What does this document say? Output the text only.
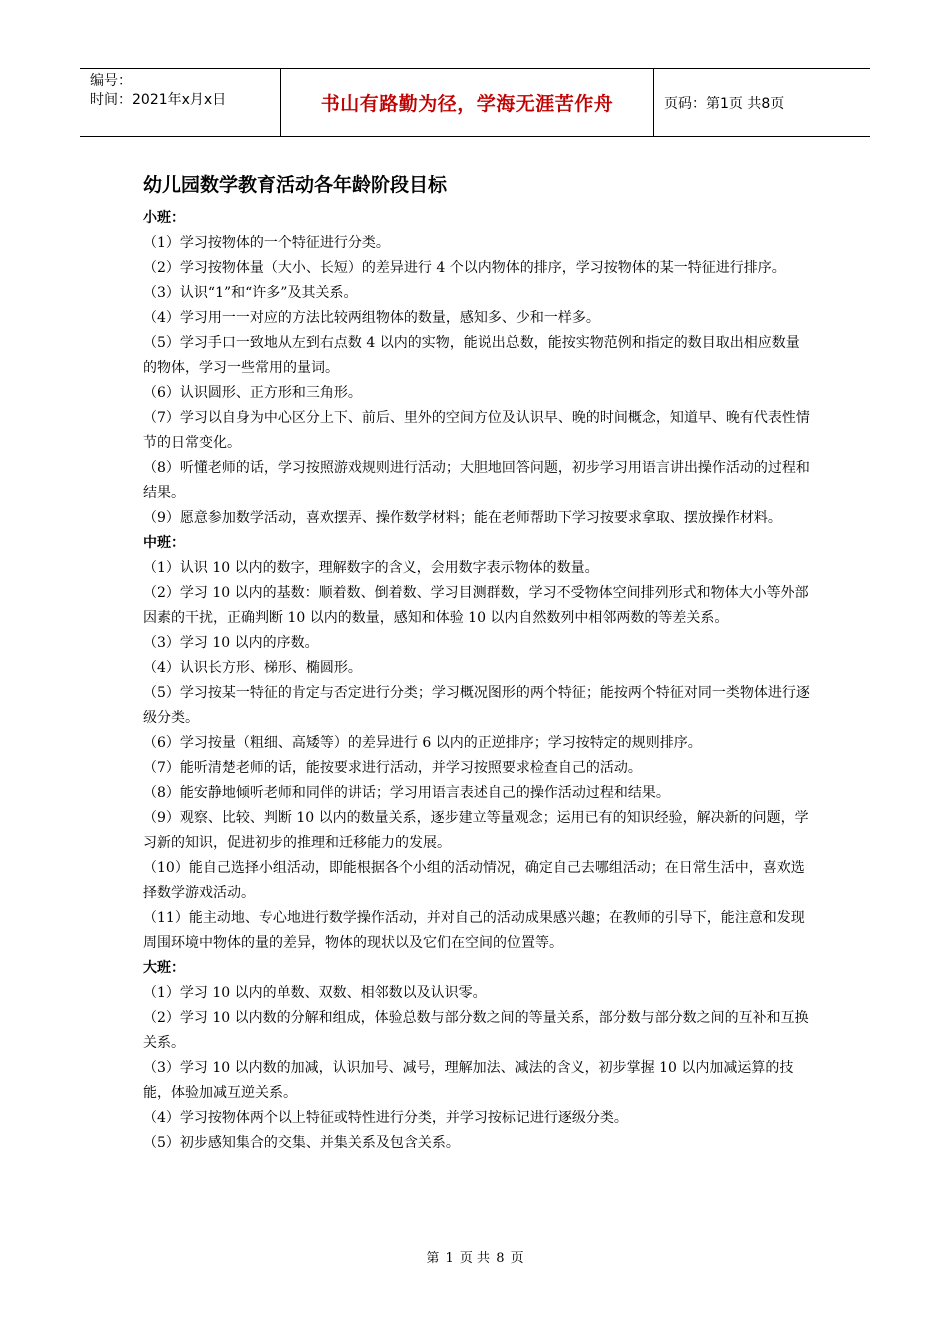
编号：
时间：2021年x月x日	书山有路勤为径，学海无涯苦作舟	页码：第1页 共8页
幼儿园数学教育活动各年龄阶段目标
小班：

（1）学习按物体的一个特征进行分类。

（2）学习按物体量（大小、长短）的差异进行 4 个以内物体的排序，学习按物体的某一特征进行排序。

（3）认识“1”和“许多”及其关系。

（4）学习用一一对应的方法比较两组物体的数量，感知多、少和一样多。

（5）学习手口一致地从左到右点数 4 以内的实物，能说出总数，能按实物范例和指定的数目取出相应数量的物体，学习一些常用的量词。

（6）认识圆形、正方形和三角形。

（7）学习以自身为中心区分上下、前后、里外的空间方位及认识早、晚的时间概念，知道早、晚有代表性情节的日常变化。

（8）听懂老师的话，学习按照游戏规则进行活动；大胆地回答问题，初步学习用语言讲出操作活动的过程和结果。

（9）愿意参加数学活动，喜欢摆弄、操作数学材料；能在老师帮助下学习按要求拿取、摆放操作材料。

中班：

（1）认识 10 以内的数字，理解数字的含义，会用数字表示物体的数量。

（2）学习 10 以内的基数：顺着数、倒着数、学习目测群数，学习不受物体空间排列形式和物体大小等外部因素的干扰，正确判断 10 以内的数量，感知和体验 10 以内自然数列中相邻两数的等差关系。

（3）学习 10 以内的序数。

（4）认识长方形、梯形、椭圆形。

（5）学习按某一特征的肯定与否定进行分类；学习概况图形的两个特征；能按两个特征对同一类物体进行逐级分类。

（6）学习按量（粗细、高矮等）的差异进行 6 以内的正逆排序；学习按特定的规则排序。

（7）能听清楚老师的话，能按要求进行活动，并学习按照要求检查自己的活动。

（8）能安静地倾听老师和同伴的讲话；学习用语言表述自己的操作活动过程和结果。

（9）观察、比较、判断 10 以内的数量关系，逐步建立等量观念；运用已有的知识经验，解决新的问题，学习新的知识，促进初步的推理和迁移能力的发展。

（10）能自己选择小组活动，即能根据各个小组的活动情况，确定自己去哪组活动；在日常生活中，喜欢选择数学游戏活动。

（11）能主动地、专心地进行数学操作活动，并对自己的活动成果感兴趣；在教师的引导下，能注意和发现周围环境中物体的量的差异，物体的现状以及它们在空间的位置等。

大班：

（1）学习 10 以内的单数、双数、相邻数以及认识零。

（2）学习 10 以内数的分解和组成，体验总数与部分数之间的等量关系，部分数与部分数之间的互补和互换关系。

（3）学习 10 以内数的加减，认识加号、减号，理解加法、减法的含义，初步掌握 10 以内加减运算的技能，体验加减互逆关系。

（4）学习按物体两个以上特征或特性进行分类，并学习按标记进行逐级分类。

（5）初步感知集合的交集、并集关系及包含关系。

第 1 页 共 8 页
